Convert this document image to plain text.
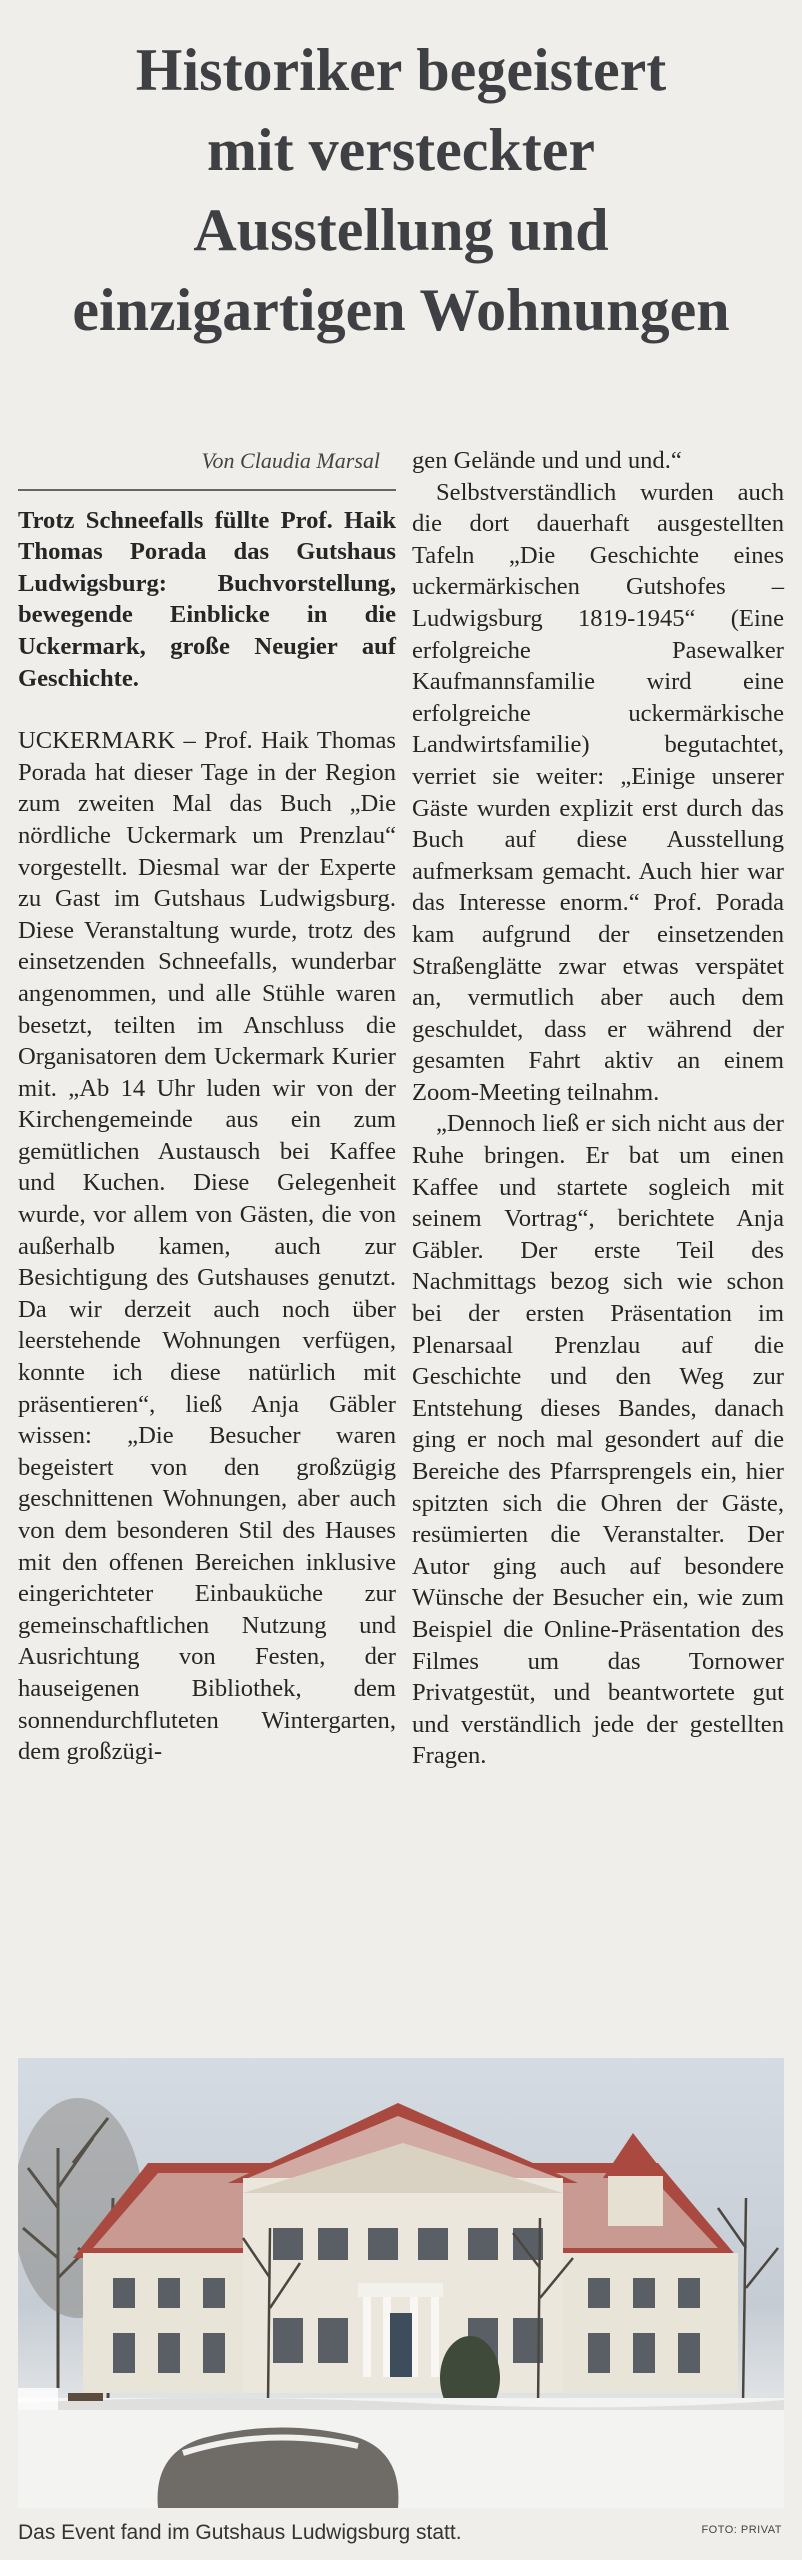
Historiker begeistert
mit versteckter
Ausstellung und
einzigartigen Wohnungen

Von Claudia Marsal

Trotz Schneefalls füllte Prof. Haik Thomas Porada das Gutshaus Ludwigsburg: Buchvorstellung, bewegende Einblicke in die Uckermark, große Neugier auf Geschichte.

UCKERMARK – Prof. Haik Thomas Porada hat dieser Tage in der Region zum zweiten Mal das Buch „Die nördliche Uckermark um Prenzlau“ vorgestellt. Diesmal war der Experte zu Gast im Gutshaus Ludwigsburg. Diese Veranstaltung wurde, trotz des einsetzenden Schneefalls, wunderbar angenommen, und alle Stühle waren besetzt, teilten im Anschluss die Organisatoren dem Uckermark Kurier mit. „Ab 14 Uhr luden wir von der Kirchengemeinde aus ein zum gemütlichen Austausch bei Kaffee und Kuchen. Diese Gelegenheit wurde, vor allem von Gästen, die von außerhalb kamen, auch zur Besichtigung des Gutshauses genutzt. Da wir derzeit auch noch über leerstehende Wohnungen verfügen, konnte ich diese natürlich mit präsentieren“, ließ Anja Gäbler wissen: „Die Besucher waren begeistert von den großzügig geschnittenen Wohnungen, aber auch von dem besonderen Stil des Hauses mit den offenen Bereichen inklusive eingerichteter Einbauküche zur gemeinschaftlichen Nutzung und Ausrichtung von Festen, der hauseigenen Bibliothek, dem sonnendurchfluteten Wintergarten, dem großzügi-

gen Gelände und und und.“

Selbstverständlich wurden auch die dort dauerhaft ausgestellten Tafeln „Die Geschichte eines uckermärkischen Gutshofes – Ludwigsburg 1819-1945“ (Eine erfolgreiche Pasewalker Kaufmannsfamilie wird eine erfolgreiche uckermärkische Landwirtsfamilie) begutachtet, verriet sie weiter: „Einige unserer Gäste wurden explizit erst durch das Buch auf diese Ausstellung aufmerksam gemacht. Auch hier war das Interesse enorm.“ Prof. Porada kam aufgrund der einsetzenden Straßenglätte zwar etwas verspätet an, vermutlich aber auch dem geschuldet, dass er während der gesamten Fahrt aktiv an einem Zoom-Meeting teilnahm.

„Dennoch ließ er sich nicht aus der Ruhe bringen. Er bat um einen Kaffee und startete sogleich mit seinem Vortrag“, berichtete Anja Gäbler. Der erste Teil des Nachmittags bezog sich wie schon bei der ersten Präsentation im Plenarsaal Prenzlau auf die Geschichte und den Weg zur Entstehung dieses Bandes, danach ging er noch mal gesondert auf die Bereiche des Pfarrsprengels ein, hier spitzten sich die Ohren der Gäste, resümierten die Veranstalter. Der Autor ging auch auf besondere Wünsche der Besucher ein, wie zum Beispiel die Online-Präsentation des Filmes um das Tornower Privatgestüt, und beantwortete gut und verständlich jede der gestellten Fragen.

Das Event fand im Gutshaus Ludwigsburg statt.	FOTO: PRIVAT
